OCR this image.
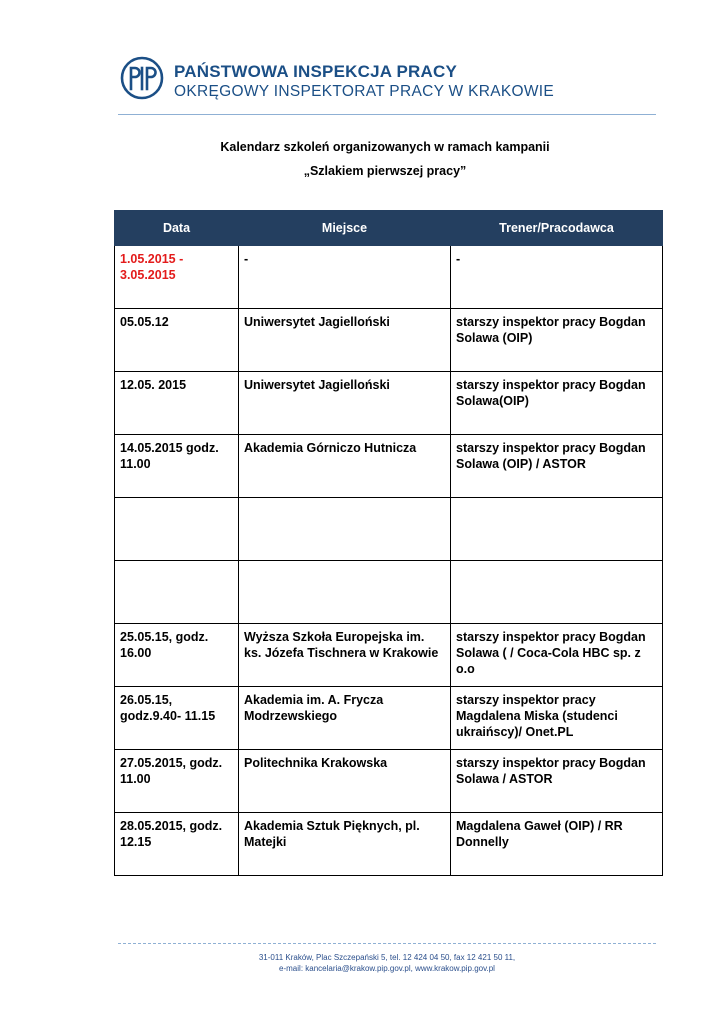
PAŃSTWOWA INSPEKCJA PRACY
OKRĘGOWY INSPEKTORAT PRACY W KRAKOWIE
Kalendarz szkoleń organizowanych w ramach kampanii
„Szlakiem pierwszej pracy”
Data	Miejsce	Trener/Pracodawca
1.05.2015 - 3.05.2015	-	-
05.05.12	Uniwersytet Jagielloński	starszy inspektor pracy Bogdan Solawa (OIP)
12.05. 2015	Uniwersytet Jagielloński	starszy inspektor pracy Bogdan Solawa(OIP)
14.05.2015 godz. 11.00	Akademia Górniczo Hutnicza	starszy inspektor pracy Bogdan Solawa (OIP) / ASTOR

25.05.15, godz. 16.00	Wyższa Szkoła Europejska im. ks. Józefa Tischnera w Krakowie	starszy inspektor pracy Bogdan Solawa ( / Coca-Cola HBC sp. z o.o
26.05.15, godz.9.40- 11.15	Akademia im. A. Frycza Modrzewskiego	starszy inspektor pracy Magdalena Miska (studenci ukraińscy)/ Onet.PL
27.05.2015, godz. 11.00	Politechnika Krakowska	starszy inspektor pracy Bogdan Solawa / ASTOR
28.05.2015, godz. 12.15	Akademia Sztuk Pięknych, pl. Matejki	Magdalena Gaweł (OIP) / RR Donnelly
.
31-011 Kraków, Plac Szczepański 5, tel. 12 424 04 50, fax 12 421 50 11,
e-mail: kancelaria@krakow.pip.gov.pl, www.krakow.pip.gov.pl
